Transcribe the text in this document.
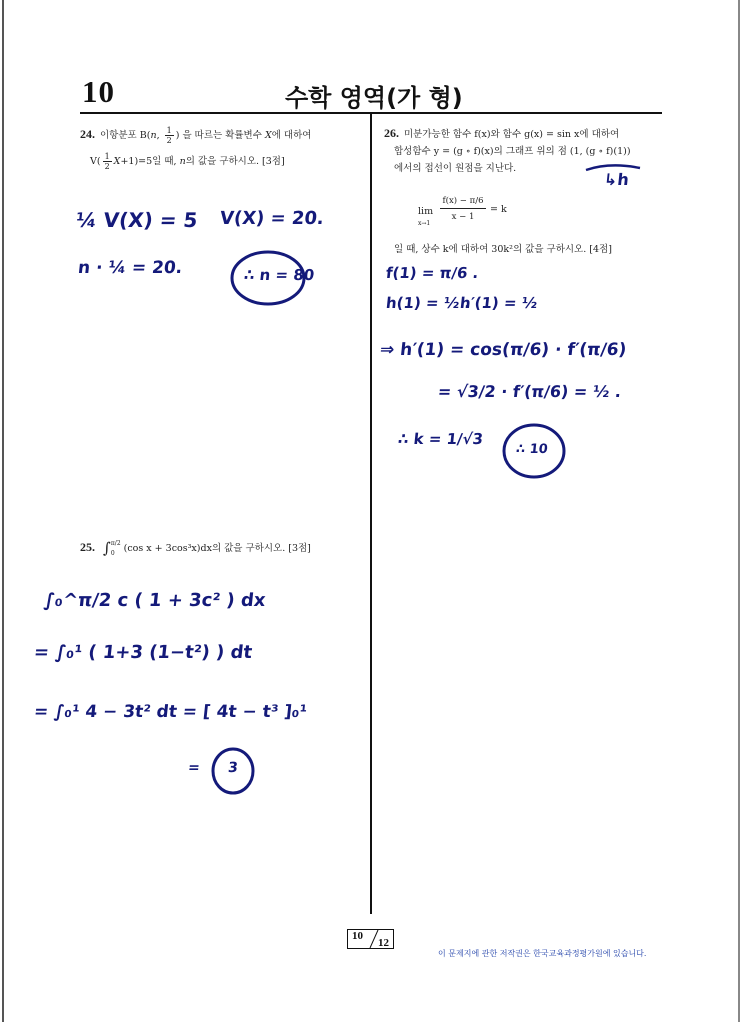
10	수학 영역(가 형)
24. 이항분포 B(n, $\frac{1}{2}$ ) 을 따르는 확률변수 X에 대하여
$V( \frac{1}{2} X+1)=5$일 때, n의 값을 구하시오. [3점]
25. ∫ π/2
0 (cos x + 3cos³x)dx의 값을 구하시오. [3점]
26. 미분가능한 함수 f(x)와 함수 g(x) = sin x에 대하여
합성함수 y = (g ∘ f)(x)의 그래프 위의 점 (1, (g ∘ f)(1))
에서의 접선이 원점을 지난다.
lim
x→1
f(x) − π/6
x − 1
= k
일 때, 상수 k에 대하여 30k²의 값을 구하시오. [4점]
¼ V(X) = 5 V(X) = 20.
n · ¼ = 20.	∴ n = 80
∫₀^π/2 c ( 1 + 3c² ) dx
= ∫₀¹ ( 1+3 (1−t²) ) dt
= ∫₀¹ 4 − 3t² dt = [ 4t − t³ ]₀¹
= 3
↳h
f(1) = π/6 .
h(1) = ½ .
h′(1) = ½
⇒ h′(1) = cos(π/6) · f′(π/6)
= √3/2 · f′(π/6) = ½ .
∴ k = 1/√3
∴ 10
10
12
이 문제지에 관한 저작권은 한국교육과정평가원에 있습니다.
